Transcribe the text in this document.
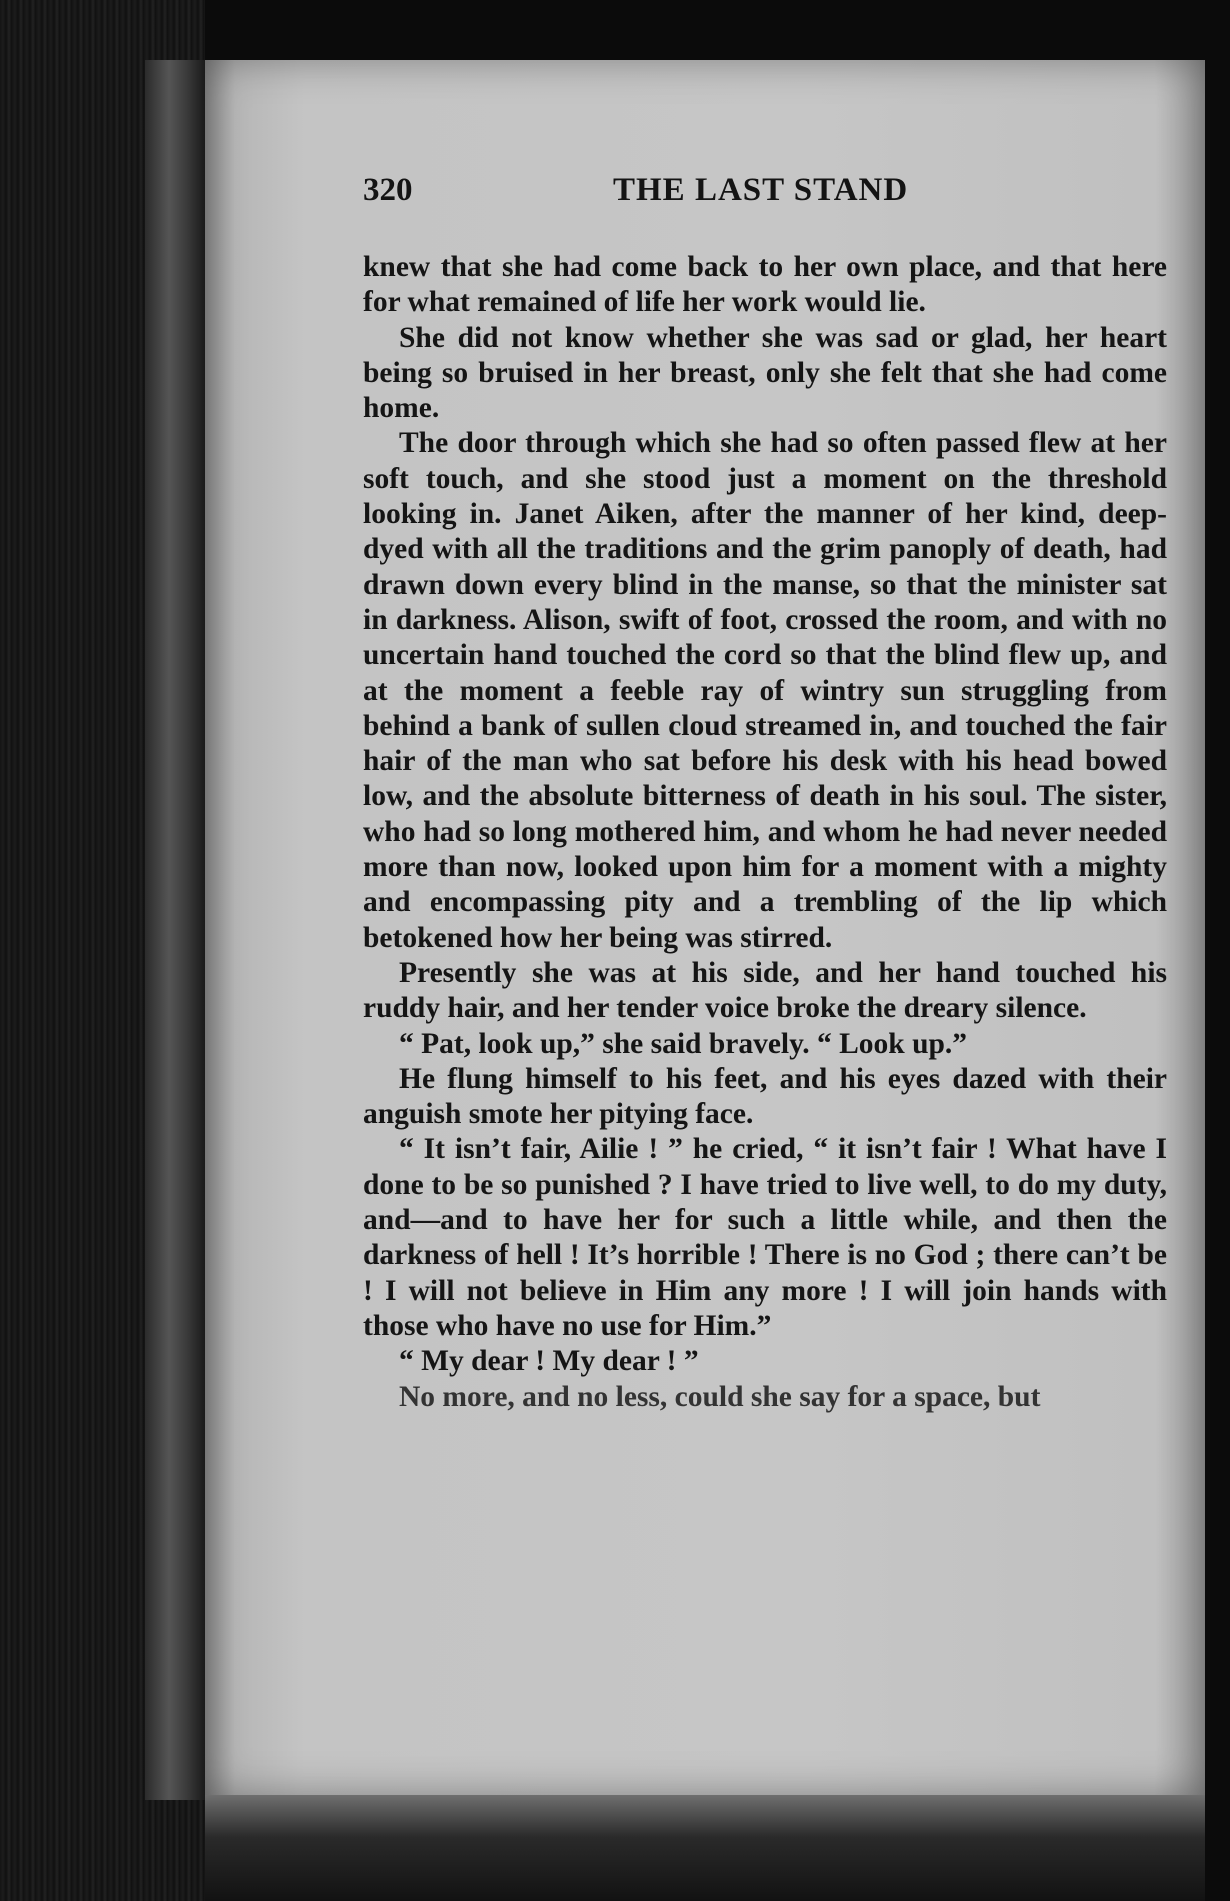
320	THE LAST STAND

knew that she had come back to her own place, and that here for what remained of life her work would lie.

She did not know whether she was sad or glad, her heart being so bruised in her breast, only she felt that she had come home.

The door through which she had so often passed flew at her soft touch, and she stood just a moment on the threshold looking in. Janet Aiken, after the manner of her kind, deep-dyed with all the traditions and the grim panoply of death, had drawn down every blind in the manse, so that the minister sat in darkness. Alison, swift of foot, crossed the room, and with no uncertain hand touched the cord so that the blind flew up, and at the moment a feeble ray of wintry sun struggling from behind a bank of sullen cloud streamed in, and touched the fair hair of the man who sat before his desk with his head bowed low, and the absolute bitterness of death in his soul. The sister, who had so long mothered him, and whom he had never needed more than now, looked upon him for a moment with a mighty and encompassing pity and a trembling of the lip which betokened how her being was stirred.

Presently she was at his side, and her hand touched his ruddy hair, and her tender voice broke the dreary silence.

“ Pat, look up,” she said bravely. “ Look up.”

He flung himself to his feet, and his eyes dazed with their anguish smote her pitying face.

“ It isn’t fair, Ailie ! ” he cried, “ it isn’t fair ! What have I done to be so punished ? I have tried to live well, to do my duty, and—and to have her for such a little while, and then the darkness of hell ! It’s horrible ! There is no God ; there can’t be ! I will not believe in Him any more ! I will join hands with those who have no use for Him.”

“ My dear ! My dear ! ”

No more, and no less, could she say for a space, but
